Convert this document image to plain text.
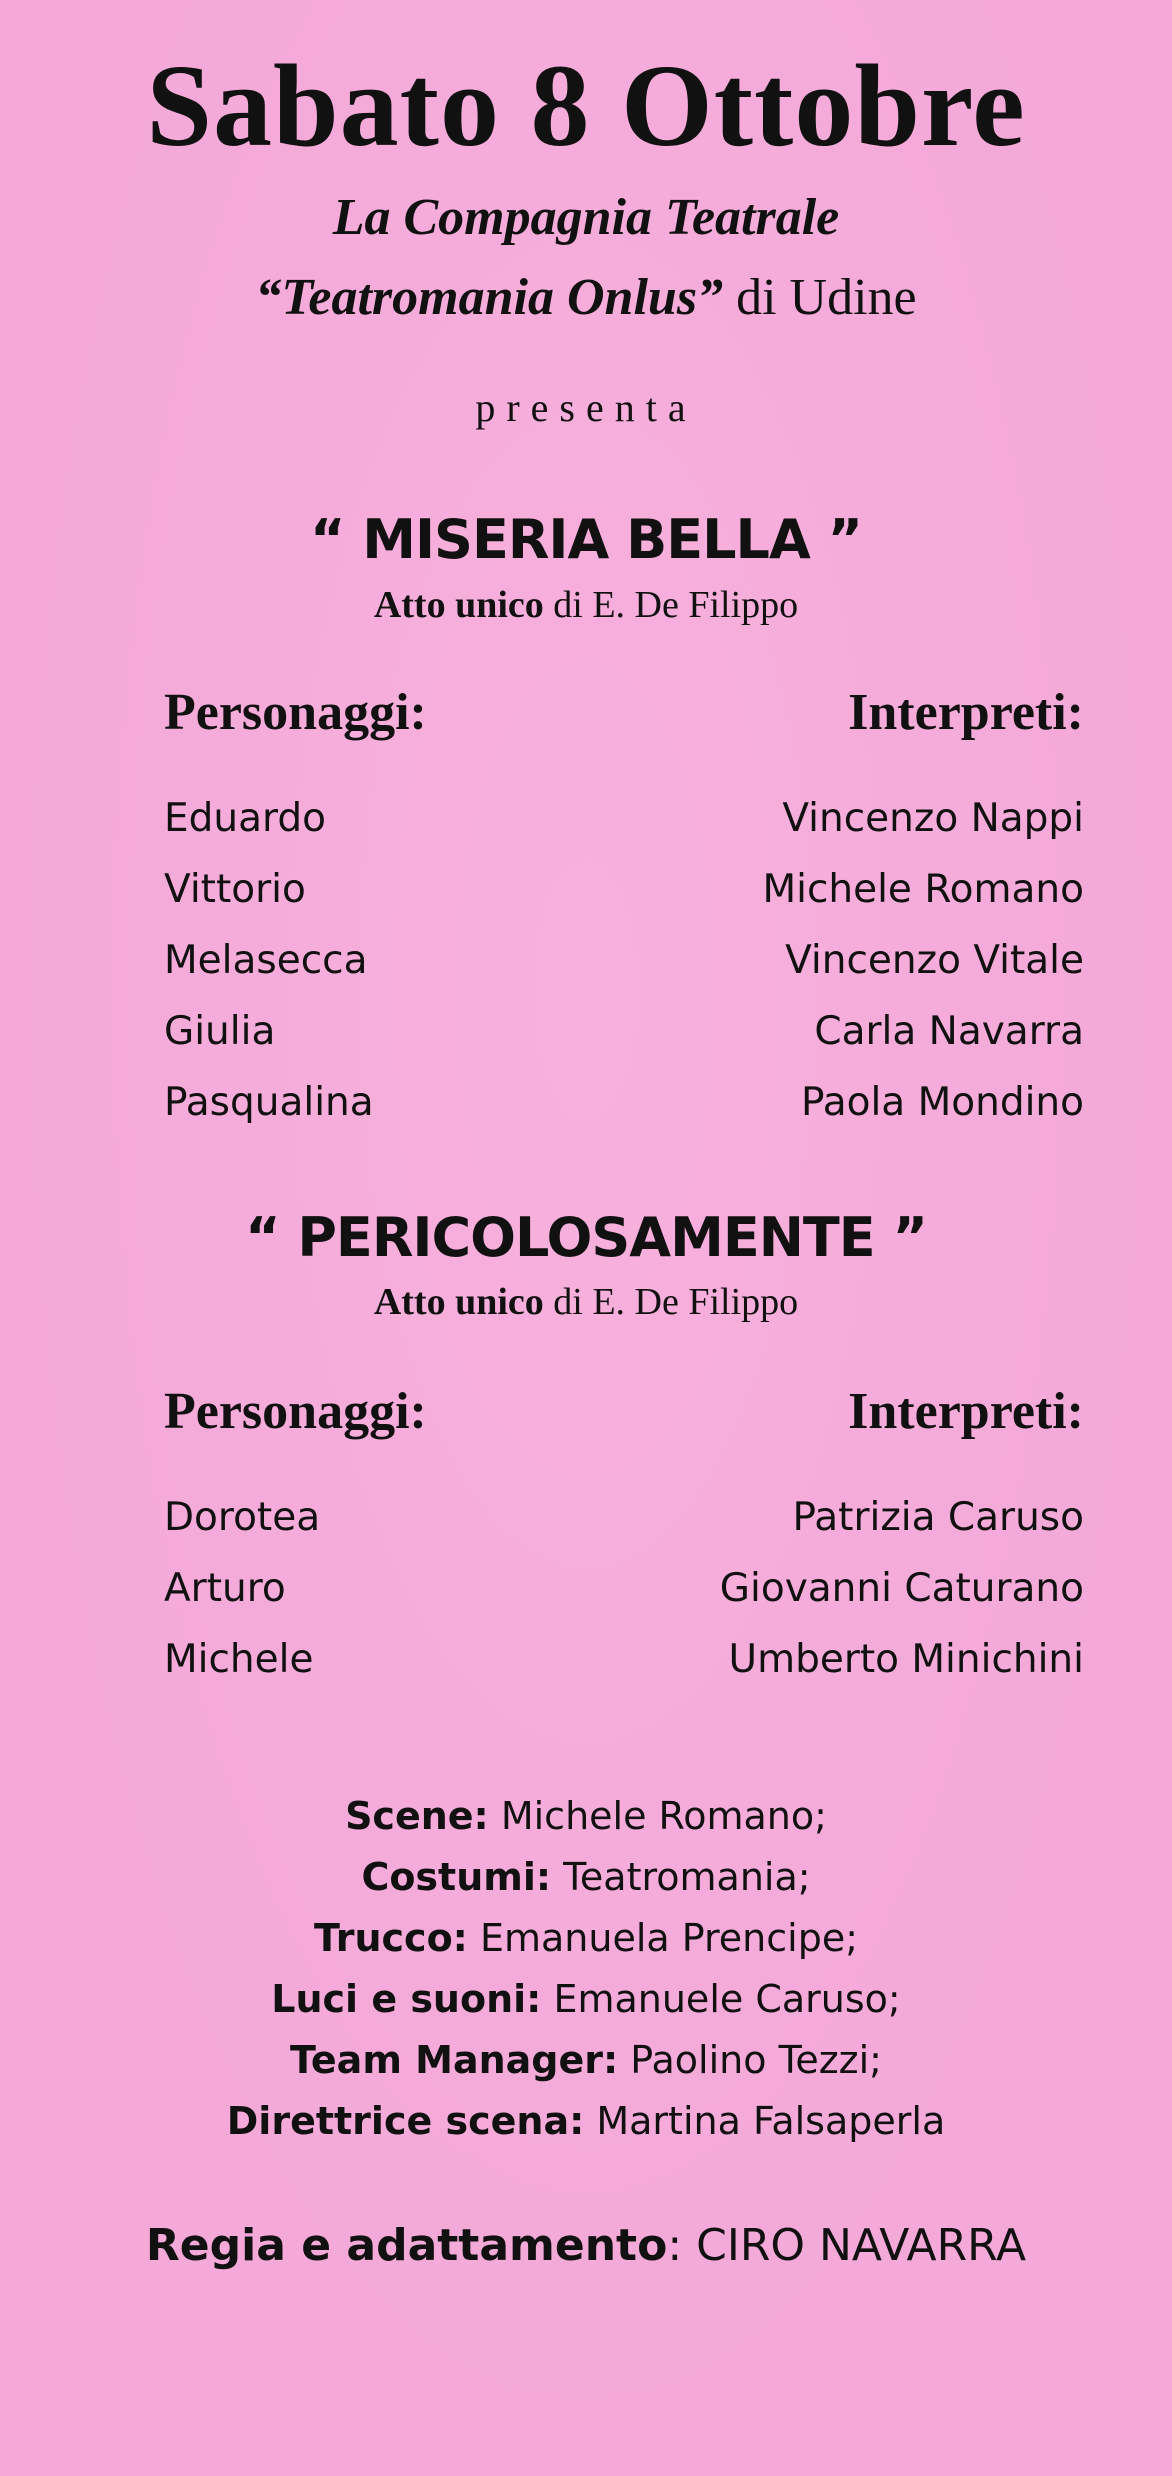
Sabato 8 Ottobre
La Compagnia Teatrale
“Teatromania Onlus” di Udine
presenta
“ MISERIA BELLA ”
Atto unico di E. De Filippo
Personaggi:	Interpreti:
Eduardo	Vincenzo Nappi
Vittorio	Michele Romano
Melasecca	Vincenzo Vitale
Giulia	Carla Navarra
Pasqualina	Paola Mondino
“ PERICOLOSAMENTE ”
Atto unico di E. De Filippo
Personaggi:	Interpreti:
Dorotea	Patrizia Caruso
Arturo	Giovanni Caturano
Michele	Umberto Minichini
Scene: Michele Romano;
Costumi: Teatromania;
Trucco: Emanuela Prencipe;
Luci e suoni: Emanuele Caruso;
Team Manager: Paolino Tezzi;
Direttrice scena: Martina Falsaperla
Regia e adattamento: CIRO NAVARRA
